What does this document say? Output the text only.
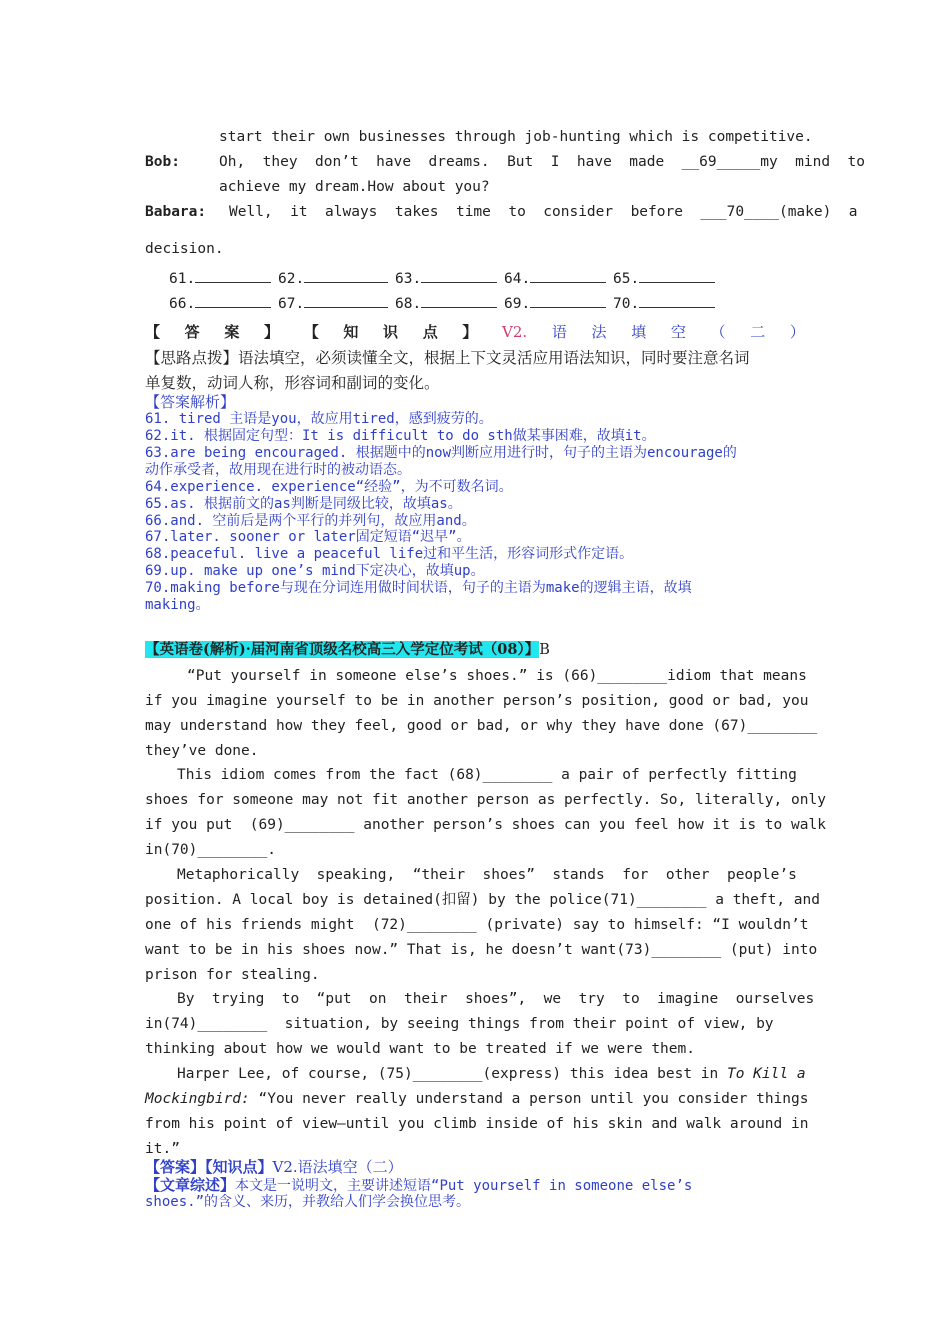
start their own businesses through job-hunting which is competitive.
Bob:	Oh,  they  don’t  have  dreams.  But  I  have  made  __69_____my  mind  to
achieve my dream.How about you?
Babara: Well,  it  always  takes  time  to  consider  before  ___70____(make)  a
decision.
61.	62.	63.	64.	65.
66.	67.	68.	69.	70.
【 答 案 】 【 知 识 点 】 V2. 语 法 填 空 （ 二 ）
【思路点拨】语法填空，必须读懂全文，根据上下文灵活应用语法知识，同时要注意名词
单复数，动词人称，形容词和副词的变化。
【答案解析】
61. tired 主语是you，故应用tired，感到疲劳的。
62.it. 根据固定句型：It is difficult to do sth做某事困难，故填it。
63.are being encouraged. 根据题中的now判断应用进行时，句子的主语为encourage的
动作承受者，故用现在进行时的被动语态。
64.experience. experience“经验”，为不可数名词。
65.as. 根据前文的as判断是同级比较，故填as。
66.and. 空前后是两个平行的并列句，故应用and。
67.later. sooner or later固定短语“迟早”。
68.peaceful. live a peaceful life过和平生活，形容词形式作定语。
69.up. make up one’s mind下定决心，故填up。
70.making before与现在分词连用做时间状语，句子的主语为make的逻辑主语，故填
making。
【英语卷(解析)·届河南省顶级名校高三入学定位考试（08）】B
“Put yourself in someone else’s shoes.” is (66)________idiom that means
if you imagine yourself to be in another person’s position, good or bad, you
may understand how they feel, good or bad, or why they have done (67)________
they’ve done.
This idiom comes from the fact (68)________ a pair of perfectly fitting
shoes for someone may not fit another person as perfectly. So, literally, only
if you put  (69)________ another person’s shoes can you feel how it is to walk
in(70)________.
Metaphorically  speaking,  “their  shoes”  stands  for  other  people’s
position. A local boy is detained(扣留) by the police(71)________ a theft, and
one of his friends might  (72)________ (private) say to himself: “I wouldn’t
want to be in his shoes now.” That is, he doesn’t want(73)________ (put) into
prison for stealing.
By  trying  to  “put  on  their  shoes”,  we  try  to  imagine  ourselves
in(74)________  situation, by seeing things from their point of view, by
thinking about how we would want to be treated if we were them.
Harper Lee, of course, (75)________(express) this idea best in To Kill a
Mockingbird: “You never really understand a person until you consider things
from his point of view—until you climb inside of his skin and walk around in
it.”
【答案】【知识点】V2.语法填空（二）
【文章综述】本文是一说明文，主要讲述短语“Put yourself in someone else’s
shoes.”的含义、来历，并教给人们学会换位思考。
